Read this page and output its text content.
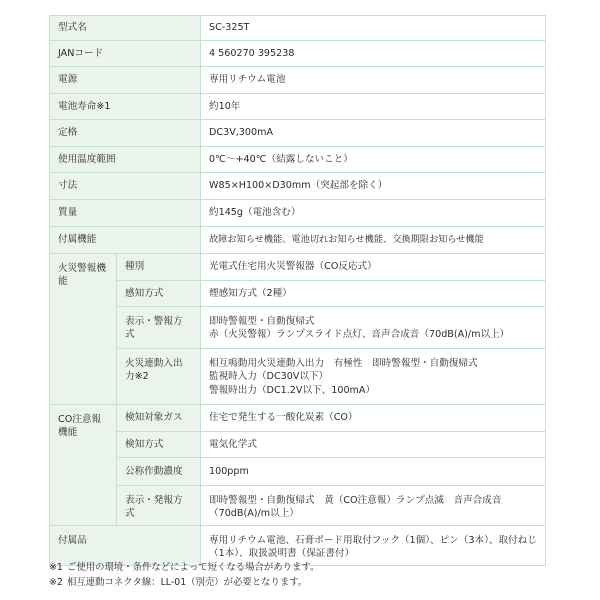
型式名		SC-325T
JANコード		4 560270 395238
電源		専用リチウム電池
電池寿命※1		約10年
定格		DC3V,300mA
使用温度範囲		0℃～+40℃（結露しないこと）
寸法		W85×H100×D30mm（突起部を除く）
質量		約145g（電池含む）
付属機能		故障お知らせ機能、電池切れお知らせ機能、交換期限お知らせ機能

火災警報機能	種別	光電式住宅用火災警報器（CO反応式）
	感知方式	煙感知方式（2種）
	表示・警報方式	即時警報型・自動復帰式
赤（火災警報）ランプスライド点灯、音声合成音（70dB(A)/m以上）

	火災連動入出力※2	相互鳴動用火災連動入出力　有極性　即時警報型・自動復帰式
監視時入力（DC30V以下）
警報時出力（DC1.2V以下、100mA）

CO注意報機能	検知対象ガス	住宅で発生する一酸化炭素（CO）
	検知方式	電気化学式
	公称作動濃度	100ppm
	表示・発報方式	即時警報型・自動復帰式　黄（CO注意報）ランプ点滅　音声合成音（70dB(A)/m以上）

付属品		専用リチウム電池、石膏ボード用取付フック（1個）、ピン（3本）、取付ねじ（1本）、取扱説明書（保証書付）
※1 ご使用の環境・条件などによって短くなる場合があります。
※2 相互連動コネクタ線：LL-01（別売）が必要となります。
